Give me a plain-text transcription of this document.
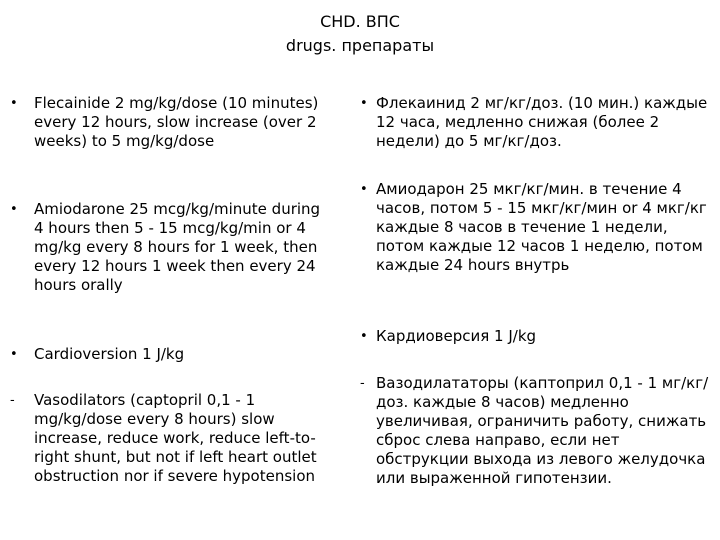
CHD. ВПС
drugs. препараты
• Flecainide 2 mg/kg/dose (10 minutes) every 12 hours, slow increase (over 2 weeks) to 5 mg/kg/dose
• Amiodarone 25 mcg/kg/minute during 4 hours then 5 - 15 mcg/kg/min or 4 mg/kg every 8 hours for 1 week, then every 12 hours 1 week then every 24 hours orally
• Cardioversion 1 J/kg
- Vasodilators (captopril 0,1 - 1 mg/kg/dose every 8 hours) slow increase, reduce work, reduce left-to-right shunt, but not if left heart outlet obstruction nor if severe hypotension
• Флекаинид 2 мг/кг/доз. (10 мин.) каждые 12 часа, медленно снижая (более 2 недели) до 5 мг/кг/доз.
• Амиодарон 25 мкг/кг/мин. в течение 4 часов, потом 5 - 15 мкг/кг/мин or 4 мкг/кг каждые 8 часов в течение 1 недели, потом каждые 12 часов 1 неделю, потом каждые 24 hours внутрь
• Кардиоверсия 1 J/kg
- Вазодилататоры (каптоприл 0,1 - 1 мг/кг/доз. каждые 8 часов) медленно увеличивая, ограничить работу, снижать сброс слева направо, если нет обструкции выхода из левого желудочка или выраженной гипотензии.
